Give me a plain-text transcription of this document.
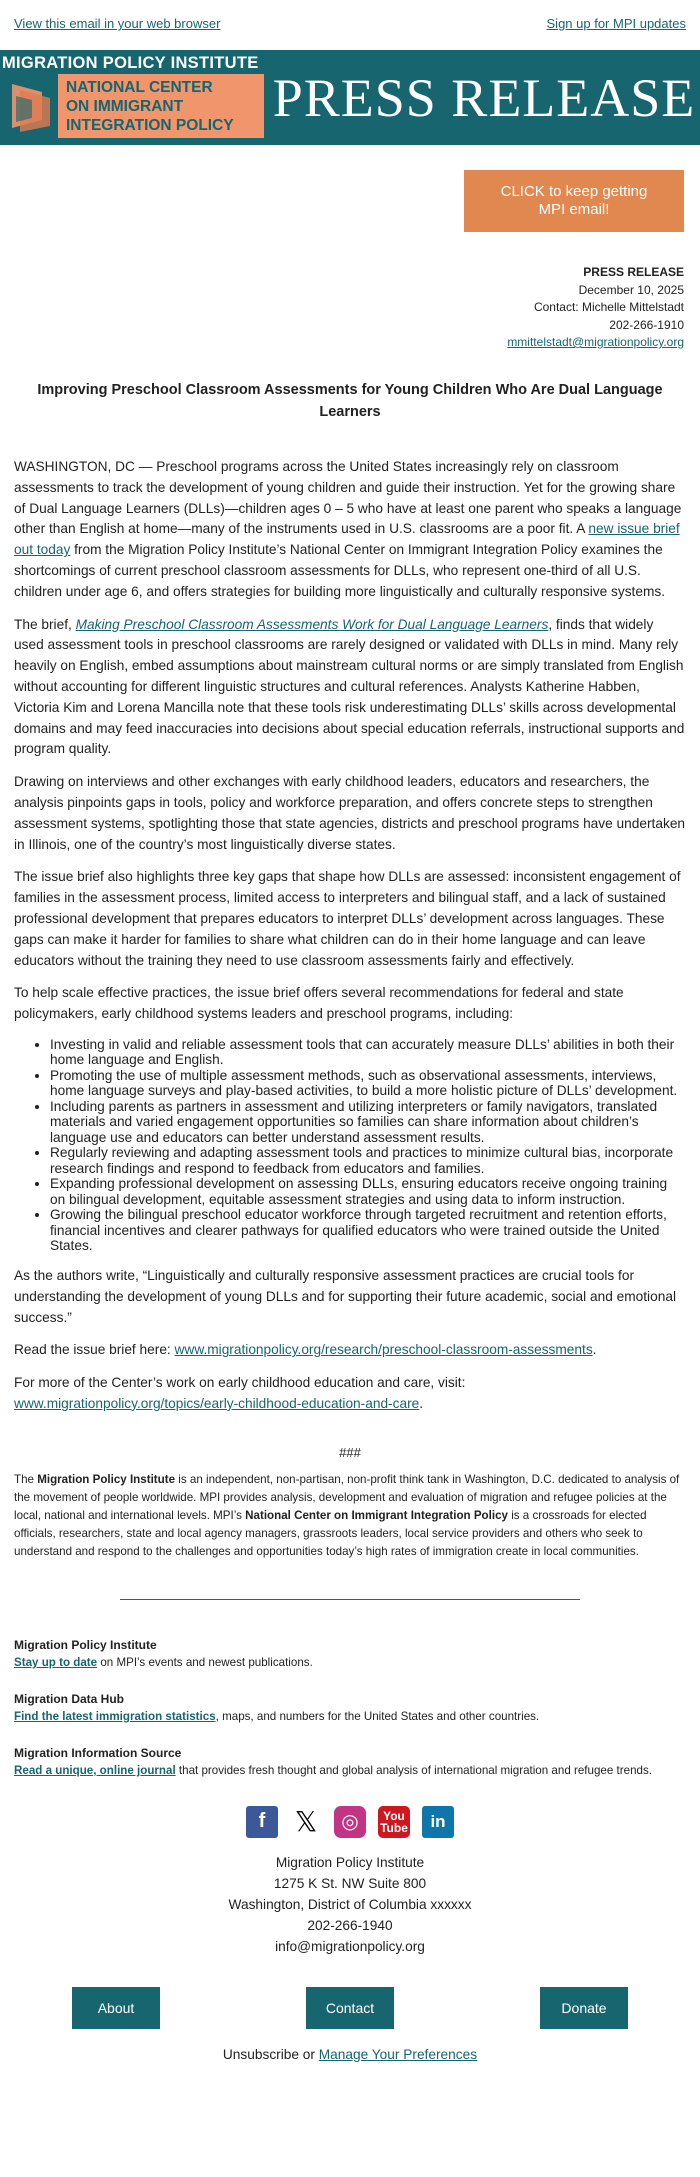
View this email in your web browser	Sign up for MPI updates
MIGRATION POLICY INSTITUTE
NATIONAL CENTER
ON IMMIGRANT
INTEGRATION POLICY PRESS RELEASE
CLICK to keep getting MPI email!
PRESS RELEASE
December 10, 2025
Contact: Michelle Mittelstadt
202-266-1910
mmittelstadt@migrationpolicy.org
Improving Preschool Classroom Assessments for Young Children Who Are Dual Language Learners

WASHINGTON, DC — Preschool programs across the United States increasingly rely on classroom assessments to track the development of young children and guide their instruction. Yet for the growing share of Dual Language Learners (DLLs)—children ages 0 – 5 who have at least one parent who speaks a language other than English at home—many of the instruments used in U.S. classrooms are a poor fit. A new issue brief out today from the Migration Policy Institute’s National Center on Immigrant Integration Policy examines the shortcomings of current preschool classroom assessments for DLLs, who represent one-third of all U.S. children under age 6, and offers strategies for building more linguistically and culturally responsive systems.

The brief, Making Preschool Classroom Assessments Work for Dual Language Learners, finds that widely used assessment tools in preschool classrooms are rarely designed or validated with DLLs in mind. Many rely heavily on English, embed assumptions about mainstream cultural norms or are simply translated from English without accounting for different linguistic structures and cultural references. Analysts Katherine Habben, Victoria Kim and Lorena Mancilla note that these tools risk underestimating DLLs’ skills across developmental domains and may feed inaccuracies into decisions about special education referrals, instructional supports and program quality.

Drawing on interviews and other exchanges with early childhood leaders, educators and researchers, the analysis pinpoints gaps in tools, policy and workforce preparation, and offers concrete steps to strengthen assessment systems, spotlighting those that state agencies, districts and preschool programs have undertaken in Illinois, one of the country’s most linguistically diverse states.

The issue brief also highlights three key gaps that shape how DLLs are assessed: inconsistent engagement of families in the assessment process, limited access to interpreters and bilingual staff, and a lack of sustained professional development that prepares educators to interpret DLLs’ development across languages. These gaps can make it harder for families to share what children can do in their home language and can leave educators without the training they need to use classroom assessments fairly and effectively.

To help scale effective practices, the issue brief offers several recommendations for federal and state policymakers, early childhood systems leaders and preschool programs, including:

• Investing in valid and reliable assessment tools that can accurately measure DLLs’ abilities in both their home language and English.
• Promoting the use of multiple assessment methods, such as observational assessments, interviews, home language surveys and play-based activities, to build a more holistic picture of DLLs’ development.
• Including parents as partners in assessment and utilizing interpreters or family navigators, translated materials and varied engagement opportunities so families can share information about children’s language use and educators can better understand assessment results.
• Regularly reviewing and adapting assessment tools and practices to minimize cultural bias, incorporate research findings and respond to feedback from educators and families.
• Expanding professional development on assessing DLLs, ensuring educators receive ongoing training on bilingual development, equitable assessment strategies and using data to inform instruction.
• Growing the bilingual preschool educator workforce through targeted recruitment and retention efforts, financial incentives and clearer pathways for qualified educators who were trained outside the United States.

As the authors write, “Linguistically and culturally responsive assessment practices are crucial tools for understanding the development of young DLLs and for supporting their future academic, social and emotional success.”

Read the issue brief here: www.migrationpolicy.org/research/preschool-classroom-assessments.

For more of the Center’s work on early childhood education and care, visit: www.migrationpolicy.org/topics/early-childhood-education-and-care.

###
The Migration Policy Institute is an independent, non-partisan, non-profit think tank in Washington, D.C. dedicated to analysis of the movement of people worldwide. MPI provides analysis, development and evaluation of migration and refugee policies at the local, national and international levels. MPI’s National Center on Immigrant Integration Policy is a crossroads for elected officials, researchers, state and local agency managers, grassroots leaders, local service providers and others who seek to understand and respond to the challenges and opportunities today’s high rates of immigration create in local communities.
Migration Policy Institute
Stay up to date on MPI’s events and newest publications.
Migration Data Hub
Find the latest immigration statistics, maps, and numbers for the United States and other countries.
Migration Information Source
Read a unique, online journal that provides fresh thought and global analysis of international migration and refugee trends.
f	𝕏	◎	You
Tube	in
Migration Policy Institute
1275 K St. NW Suite 800
Washington, District of Columbia xxxxxx
202-266-1940
info@migrationpolicy.org
About	Contact	Donate
Unsubscribe or Manage Your Preferences
